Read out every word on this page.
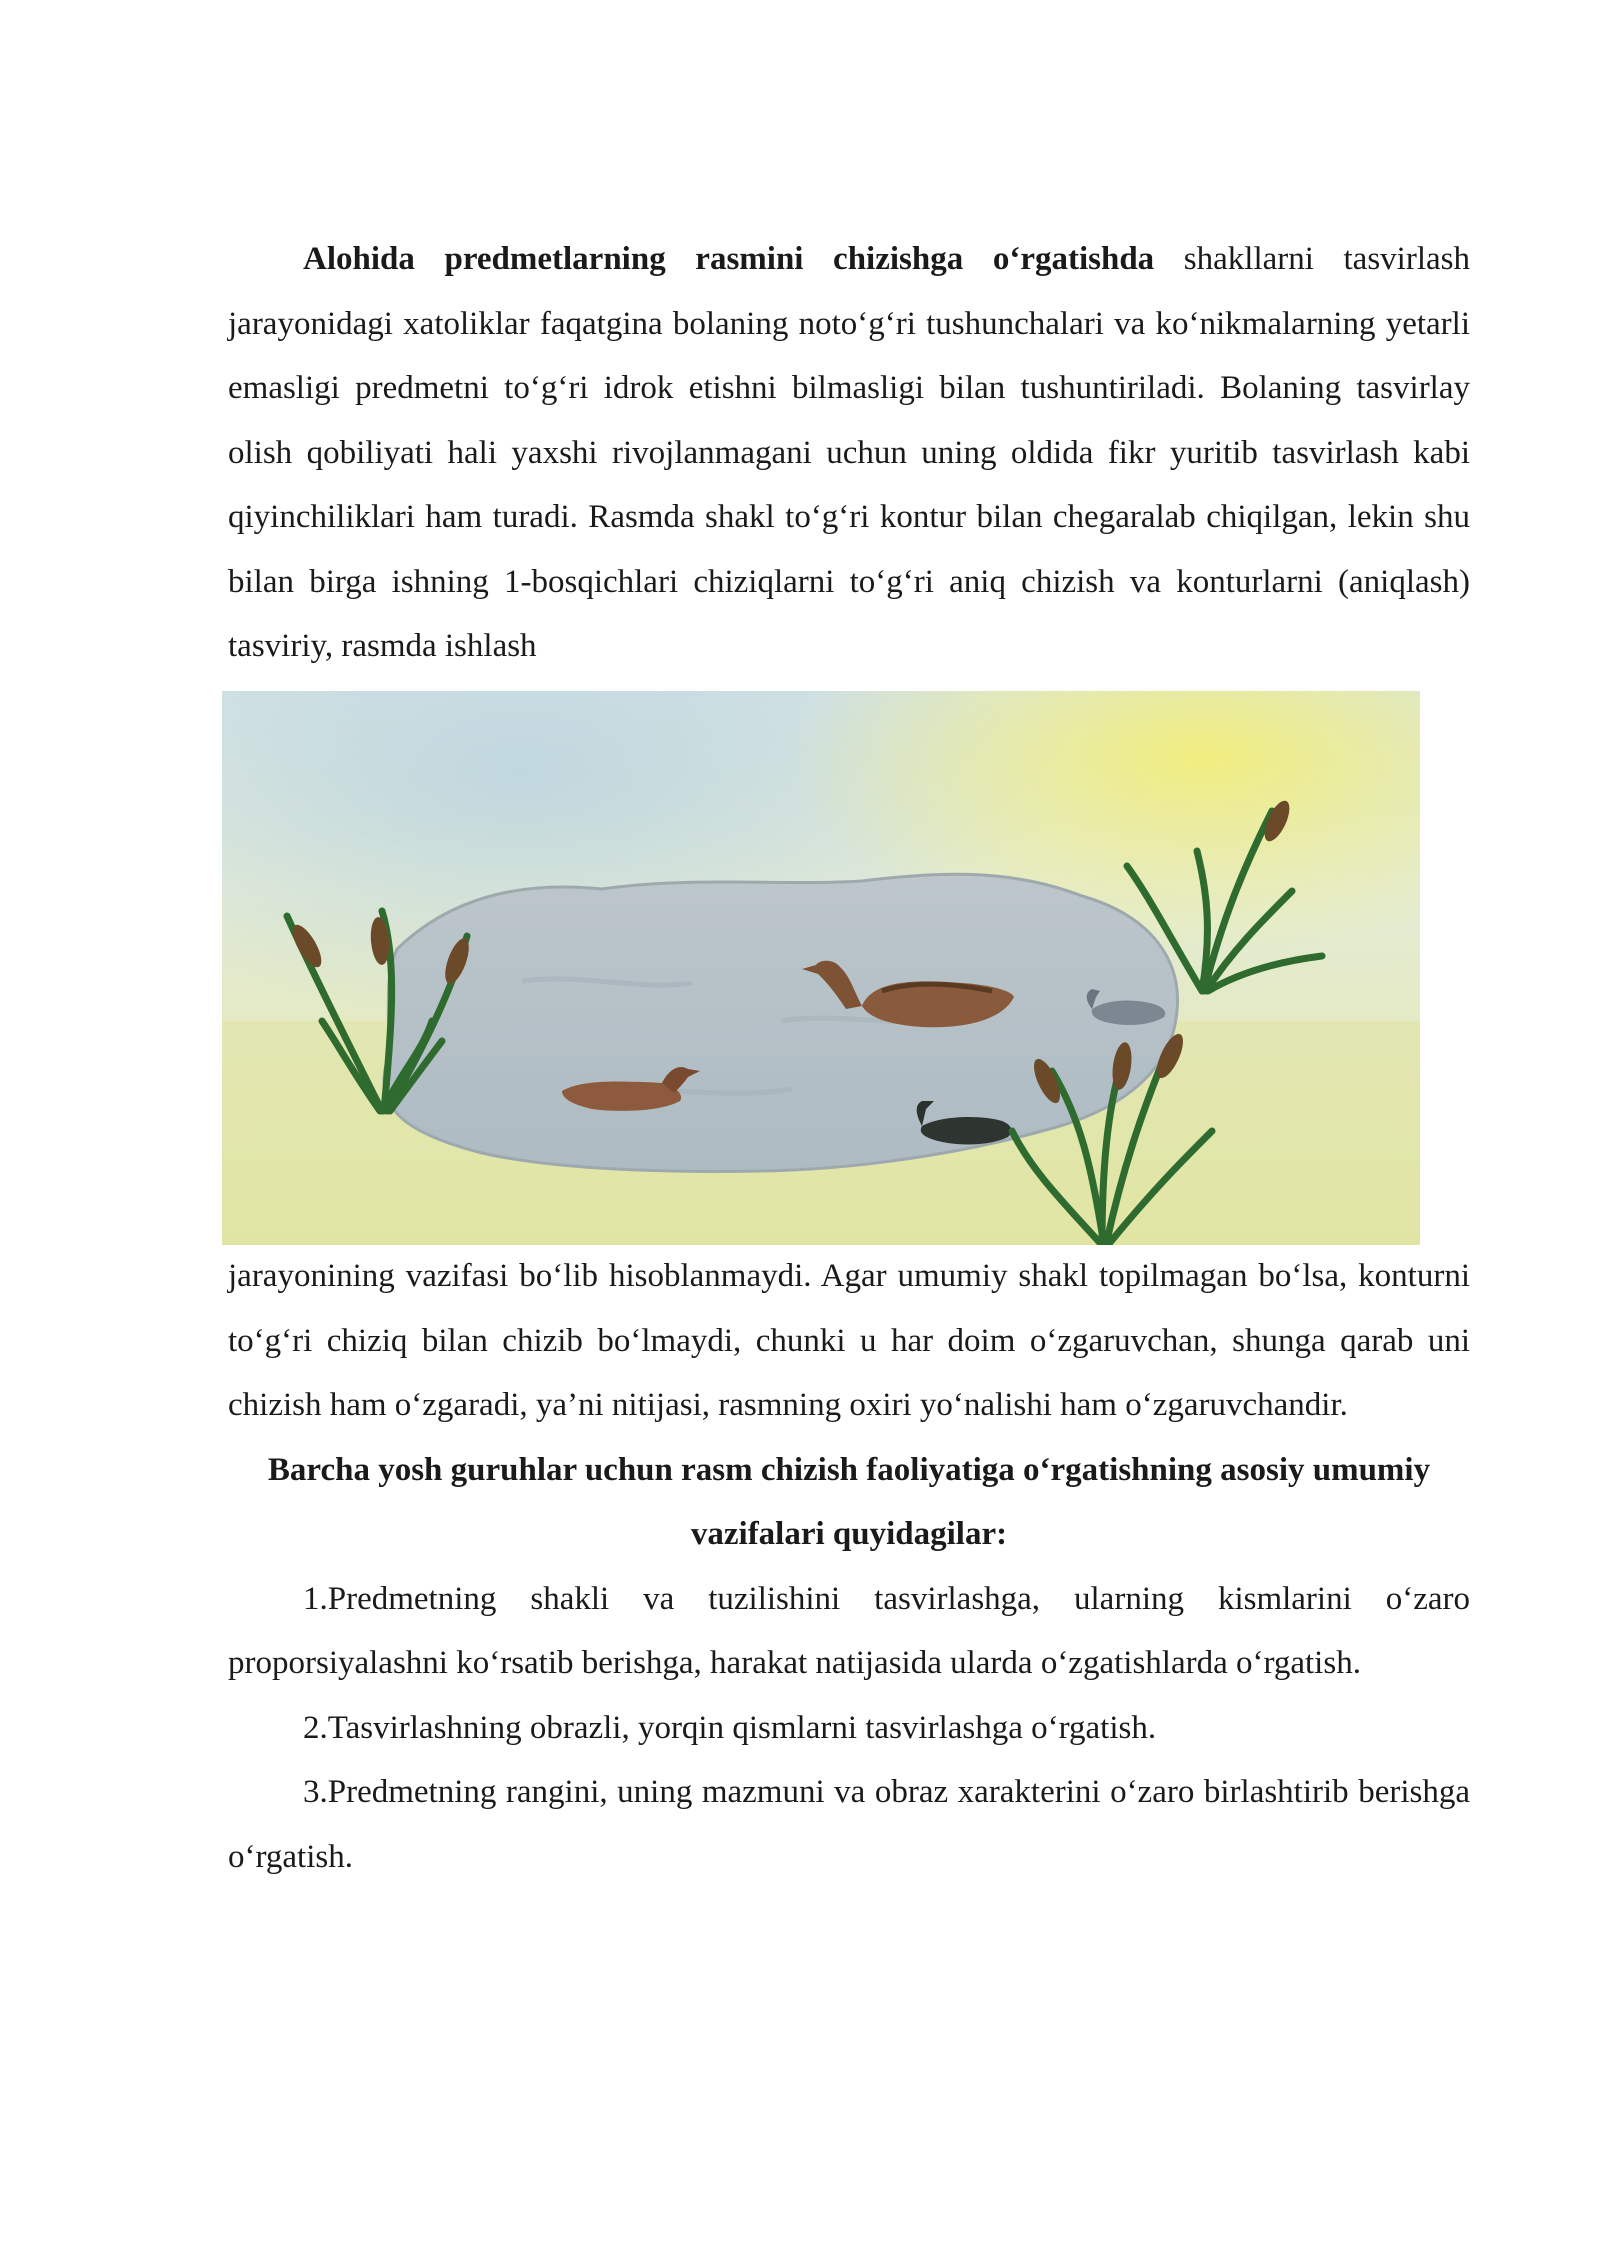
Alohida predmetlarning rasmini chizishga o‘rgatishda shakllarni tasvirlash jarayonidagi xatoliklar faqatgina bolaning noto‘g‘ri tushunchalari va ko‘nikmalarning yetarli emasligi predmetni to‘g‘ri idrok etishni bilmasligi bilan tushuntiriladi. Bolaning tasvirlay olish qobiliyati hali yaxshi rivojlanmagani uchun uning oldida fikr yuritib tasvirlash kabi qiyinchiliklari ham turadi. Rasmda shakl to‘g‘ri kontur bilan chegaralab chiqilgan, lekin shu bilan birga ishning 1-bosqichlari chiziqlarni to‘g‘ri aniq chizish va konturlarni (aniqlash) tasviriy, rasmda ishlash

jarayonining vazifasi bo‘lib hisoblanmaydi. Agar umumiy shakl topilmagan bo‘lsa, konturni to‘g‘ri chiziq bilan chizib bo‘lmaydi, chunki u har doim o‘zgaruvchan, shunga qarab uni chizish ham o‘zgaradi, ya’ni nitijasi, rasmning oxiri yo‘nalishi ham o‘zgaruvchandir.

Barcha yosh guruhlar uchun rasm chizish faoliyatiga o‘rgatishning asosiy umumiy vazifalari quyidagilar:

1.Predmetning shakli va tuzilishini tasvirlashga, ularning kismlarini o‘zaro proporsiyalashni ko‘rsatib berishga, harakat natijasida ularda o‘zgatishlarda o‘rgatish.

2.Tasvirlashning obrazli, yorqin qismlarni tasvirlashga o‘rgatish.

3.Predmetning rangini, uning mazmuni va obraz xarakterini o‘zaro birlashtirib berishga o‘rgatish.
